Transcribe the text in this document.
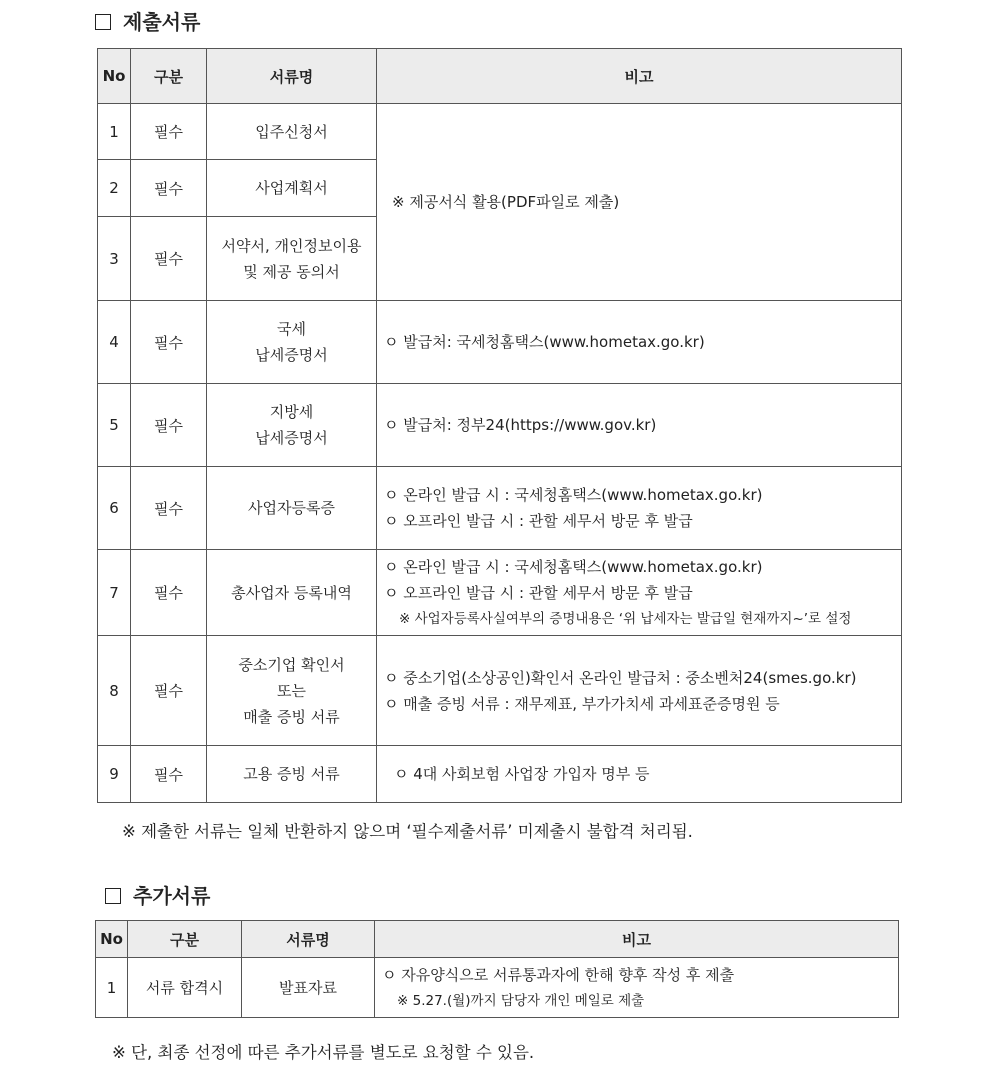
제출서류
No	구분	서류명	비고
1	필수	입주신청서	※ 제공서식 활용(PDF파일로 제출)

2	필수	사업계획서	

3	필수	서약서, 개인정보이용
및 제공 동의서	

4	필수	국세
납세증명서	ㅇ 발급처: 국세청홈택스(www.hometax.go.kr)

5	필수	지방세
납세증명서	ㅇ 발급처: 정부24(https://www.gov.kr)

6	필수	사업자등록증	ㅇ 온라인 발급 시 : 국세청홈택스(www.hometax.go.kr)
ㅇ 오프라인 발급 시 : 관할 세무서 방문 후 발급

7	필수	총사업자 등록내역	ㅇ 온라인 발급 시 : 국세청홈택스(www.hometax.go.kr)
ㅇ 오프라인 발급 시 : 관할 세무서 방문 후 발급
※ 사업자등록사실여부의 증명내용은 ‘위 납세자는 발급일 현재까지~’로 설정

8	필수	중소기업 확인서
또는
매출 증빙 서류	ㅇ 중소기업(소상공인)확인서 온라인 발급처 : 중소벤처24(smes.go.kr)
ㅇ 매출 증빙 서류 : 재무제표, 부가가치세 과세표준증명원 등

9	필수	고용 증빙 서류	ㅇ 4대 사회보험 사업장 가입자 명부 등
※ 제출한 서류는 일체 반환하지 않으며 ‘필수제출서류’ 미제출시 불합격 처리됨.
추가서류
No	구분	서류명	비고
1	서류 합격시	발표자료	ㅇ 자유양식으로 서류통과자에 한해 향후 작성 후 제출
※ 5.27.(월)까지 담당자 개인 메일로 제출
※ 단, 최종 선정에 따른 추가서류를 별도로 요청할 수 있음.
